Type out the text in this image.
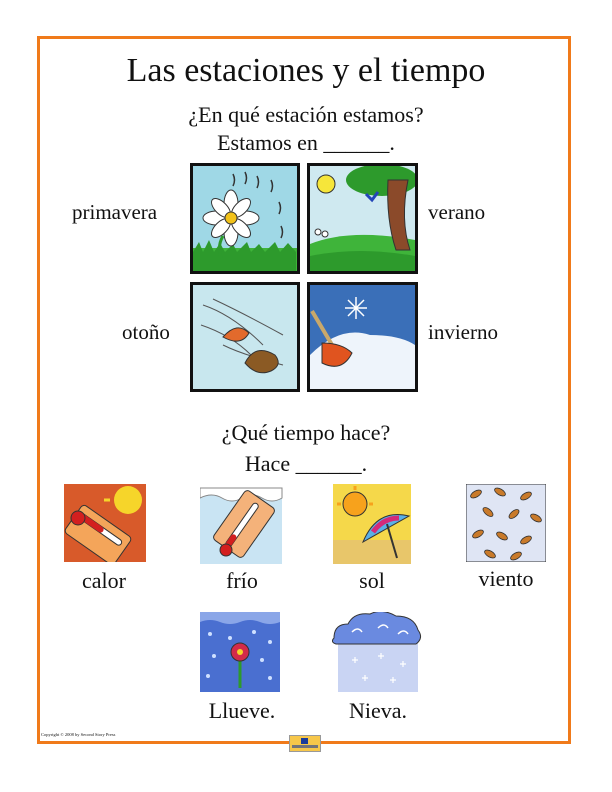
Las estaciones y el tiempo
¿En qué estación estamos?
Estamos en ______.
primavera	verano
otoño	invierno
¿Qué tiempo hace?
Hace ______.
calor	frío	sol	viento
Llueve.	Nieva.
Copyright © 2008 by Second Story Press
